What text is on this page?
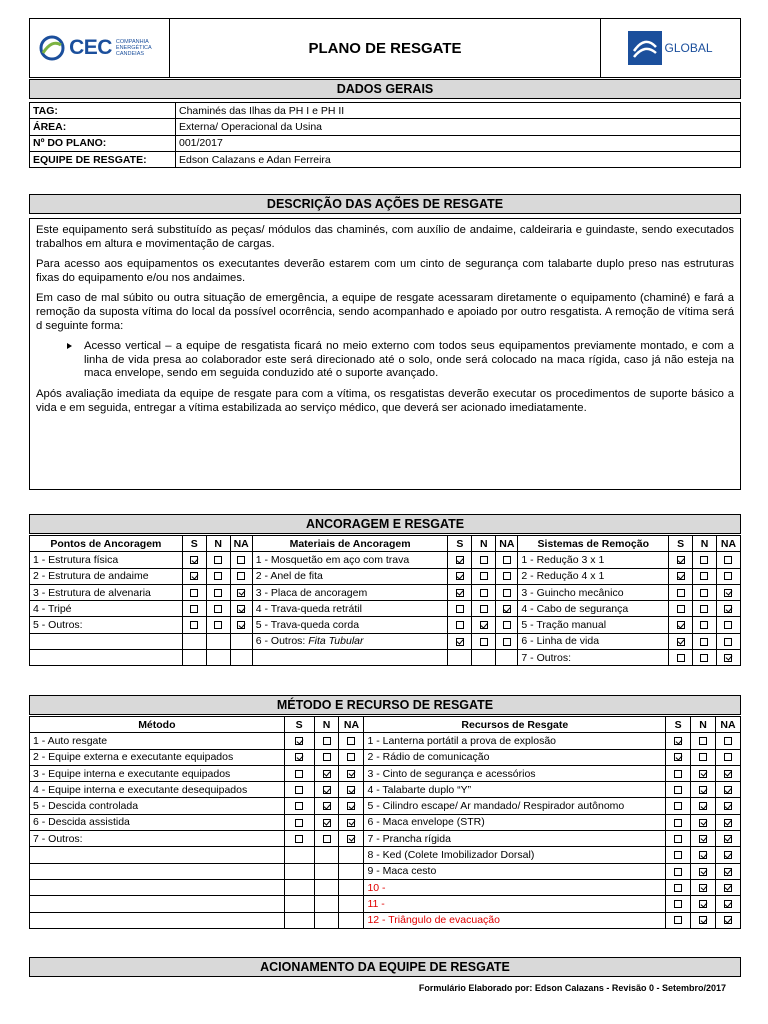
CEC COMPANHIA ENERGÉTICA CANDEIAS	PLANO DE RESGATE	GLOBAL
DADOS GERAIS
TAG:	Chaminés das Ilhas da PH I e PH II
ÁREA:	Externa/ Operacional da Usina
Nº DO PLANO:	001/2017
EQUIPE DE RESGATE:	Edson Calazans e Adan Ferreira
DESCRIÇÃO DAS AÇÕES DE RESGATE

Este equipamento será substituído as peças/ módulos das chaminés, com auxílio de andaime, caldeiraria e guindaste, sendo executados trabalhos em altura e movimentação de cargas.

Para acesso aos equipamentos os executantes deverão estarem com um cinto de segurança com talabarte duplo preso nas estruturas fixas do equipamento e/ou nos andaimes.

Em caso de mal súbito ou outra situação de emergência, a equipe de resgate acessaram diretamente o equipamento (chaminé) e fará a remoção da suposta vítima do local da possível ocorrência, sendo acompanhado e apoiado por outro resgatista. A remoção de vítima será d seguinte forma:

Acesso vertical – a equipe de resgatista ficará no meio externo com todos seus equipamentos previamente montado, e com a linha de vida presa ao colaborador este será direcionado até o solo, onde será colocado na maca rígida, caso já não esteja na maca envelope, sendo em seguida conduzido até o suporte avançado.

Após avaliação imediata da equipe de resgate para com a vítima, os resgatistas deverão executar os procedimentos de suporte básico a vida e em seguida, entregar a vítima estabilizada ao serviço médico, que deverá ser acionado imediatamente.

ANCORAGEM E RESGATE
Pontos de Ancoragem	S	N	NA	Materiais de Ancoragem	S	N	NA	Sistemas de Remoção	S	N	NA
1 - Estrutura física				1 - Mosquetão em aço com trava				1 - Redução 3 x 1			
2 - Estrutura de andaime				2 - Anel de fita				2 - Redução 4 x 1			
3 - Estrutura de alvenaria				3 - Placa de ancoragem				3 - Guincho mecânico			
4 - Tripé				4 - Trava-queda retrátil				4 - Cabo de segurança			
5 - Outros:				5 - Trava-queda corda				5 - Tração manual			
				6 - Outros: Fita Tubular				6 - Linha de vida			
								7 - Outros:			
MÉTODO E RECURSO DE RESGATE
Método	S	N	NA	Recursos de Resgate	S	N	NA
1 - Auto resgate				1 - Lanterna portátil a prova de explosão			
2 - Equipe externa e executante equipados				2 - Rádio de comunicação			
3 - Equipe interna e executante equipados				3 - Cinto de segurança e acessórios			
4 - Equipe interna e executante desequipados				4 - Talabarte duplo “Y”			
5 - Descida controlada				5 - Cilindro escape/ Ar mandado/ Respirador autônomo			
6 - Descida assistida				6 - Maca envelope (STR)			
7 - Outros:				7 - Prancha rígida			
				8 - Ked (Colete Imobilizador Dorsal)			
				9 - Maca cesto			
				10 -			
				11 -			
				12 - Triângulo de evacuação			
ACIONAMENTO DA EQUIPE DE RESGATE
Formulário Elaborado por: Edson Calazans - Revisão 0 - Setembro/2017
